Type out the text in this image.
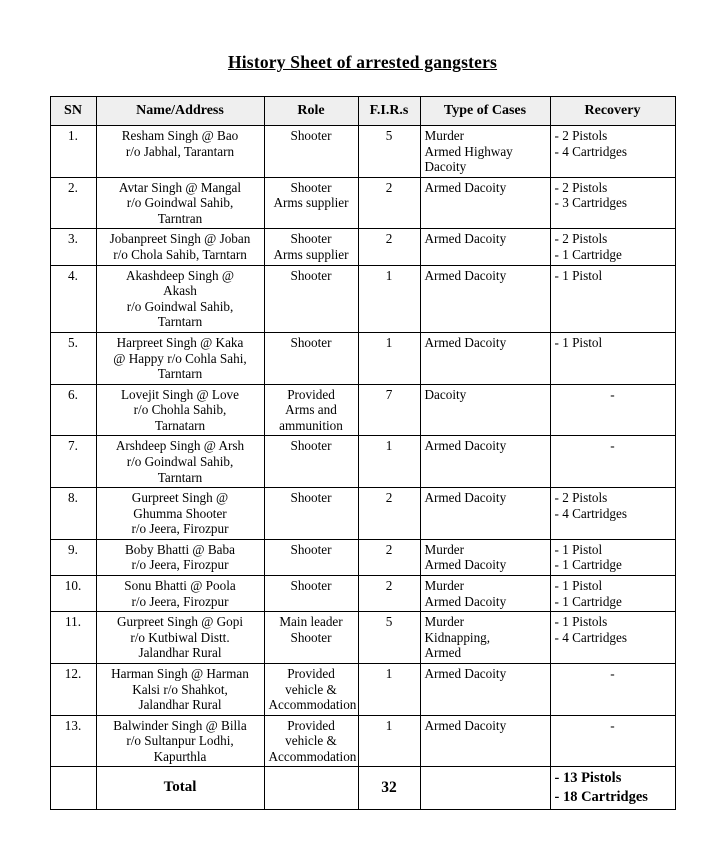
History Sheet of arrested gangsters
SN	Name/Address	Role	F.I.R.s	Type of Cases	Recovery
1.	Resham Singh @ Bao
r/o Jabhal, Tarantarn	Shooter	5	Murder
Armed Highway
Dacoity	- 2 Pistols
- 4 Cartridges

2.	Avtar Singh @ Mangal
r/o Goindwal Sahib,
Tarntran	Shooter
Arms supplier	2	Armed Dacoity	- 2 Pistols
- 3 Cartridges

3.	Jobanpreet Singh @ Joban
r/o Chola Sahib, Tarntarn	Shooter
Arms supplier	2	Armed Dacoity	- 2 Pistols
- 1 Cartridge

4.	Akashdeep Singh @
Akash
r/o Goindwal Sahib,
Tarntarn	Shooter	1	Armed Dacoity	- 1 Pistol

5.	Harpreet Singh @ Kaka
@ Happy r/o Cohla Sahi,
Tarntarn	Shooter	1	Armed Dacoity	- 1 Pistol

6.	Lovejit Singh @ Love
r/o Chohla Sahib,
Tarnatarn	Provided
Arms and
ammunition	7	Dacoity	-

7.	Arshdeep Singh @ Arsh
r/o Goindwal Sahib,
Tarntarn	Shooter	1	Armed Dacoity	-

8.	Gurpreet Singh @
Ghumma Shooter
r/o Jeera, Firozpur	Shooter	2	Armed Dacoity	- 2 Pistols
- 4 Cartridges

9.	Boby Bhatti @ Baba
r/o Jeera, Firozpur	Shooter	2	Murder
Armed Dacoity	- 1 Pistol
- 1 Cartridge

10.	Sonu Bhatti @ Poola
r/o Jeera, Firozpur	Shooter	2	Murder
Armed Dacoity	- 1 Pistol
- 1 Cartridge

11.	Gurpreet Singh @ Gopi
r/o Kutbiwal Distt.
Jalandhar Rural	Main leader
Shooter	5	Murder
Kidnapping,
Armed	- 1 Pistols
- 4 Cartridges

12.	Harman Singh @ Harman
Kalsi r/o Shahkot,
Jalandhar Rural	Provided
vehicle &
Accommodation	1	Armed Dacoity	-

13.	Balwinder Singh @ Billa
r/o Sultanpur Lodhi,
Kapurthla	Provided
vehicle &
Accommodation	1	Armed Dacoity	-

	Total		32		- 13 Pistols
- 18 Cartridges
